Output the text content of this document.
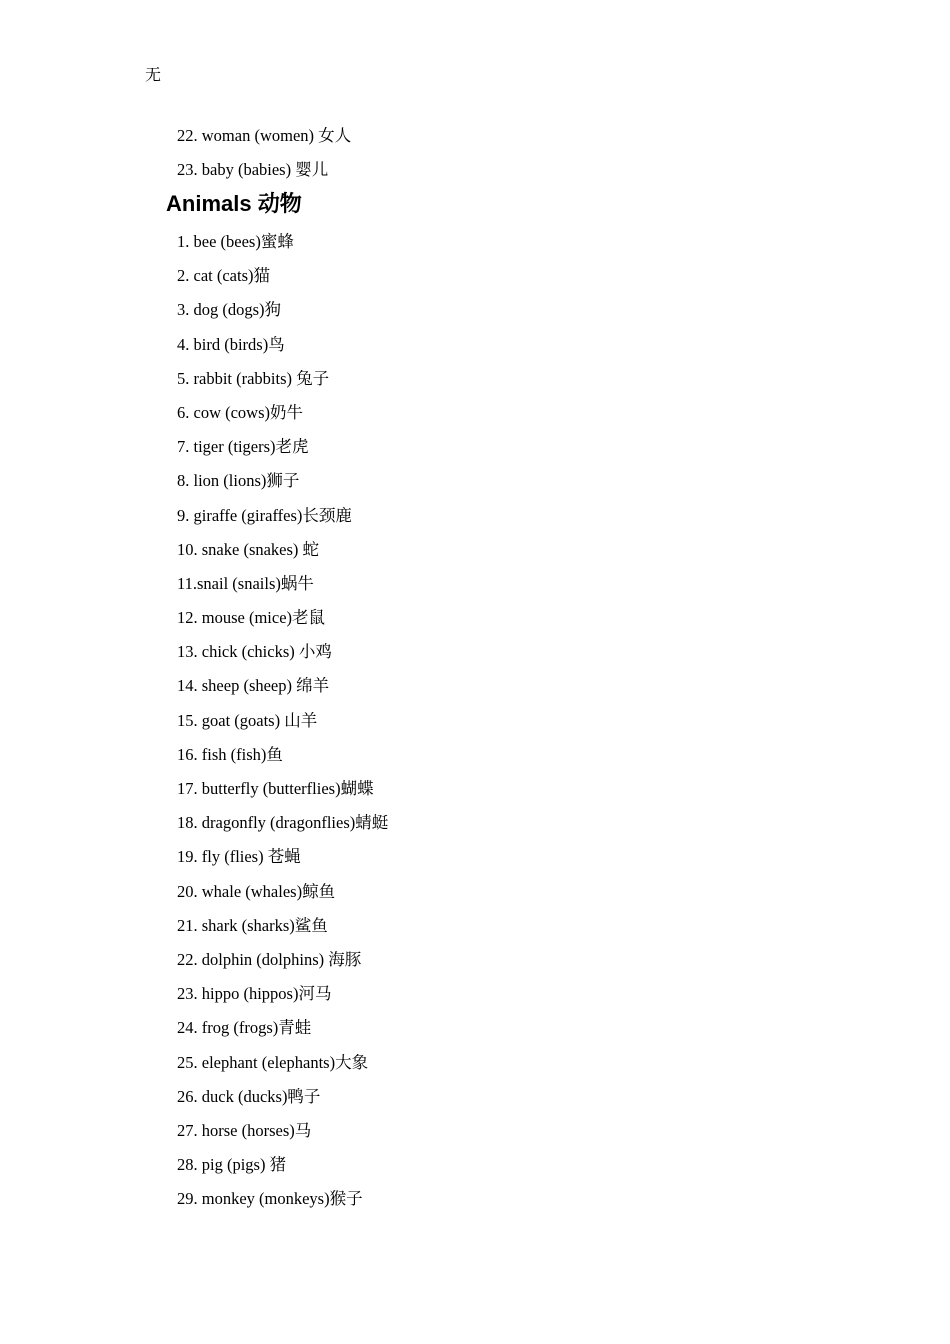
无
22. woman (women) 女人
23. baby (babies) 婴儿
Animals 动物
1. bee (bees)蜜蜂
2. cat (cats)猫
3. dog (dogs)狗
4. bird (birds)鸟
5. rabbit (rabbits) 兔子
6. cow (cows)奶牛
7. tiger (tigers)老虎
8. lion (lions)狮子
9. giraffe (giraffes)长颈鹿
10. snake (snakes) 蛇
11.snail (snails)蜗牛
12. mouse (mice)老鼠
13. chick (chicks) 小鸡
14. sheep (sheep) 绵羊
15. goat (goats) 山羊
16. fish (fish)鱼
17. butterfly (butterflies)蝴蝶
18. dragonfly (dragonflies)蜻蜓
19. fly (flies) 苍蝇
20. whale (whales)鲸鱼
21. shark (sharks)鲨鱼
22. dolphin (dolphins) 海豚
23. hippo (hippos)河马
24. frog (frogs)青蛙
25. elephant (elephants)大象
26. duck (ducks)鸭子
27. horse (horses)马
28. pig (pigs) 猪
29. monkey (monkeys)猴子
